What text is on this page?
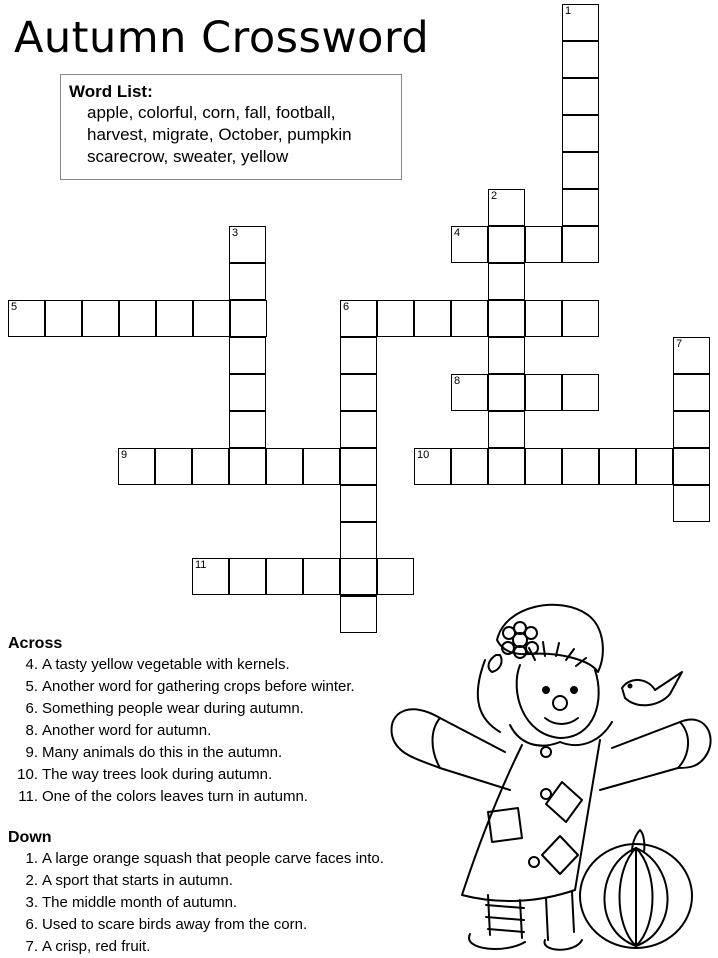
Autumn Crossword
Word List:
apple, colorful, corn, fall, football,
harvest, migrate, October, pumpkin
scarecrow, sweater, yellow
1
2
3
6
7
4
5
8
9	10
11
Across
4. A tasty yellow vegetable with kernels.
5. Another word for gathering crops before winter.
6. Something people wear during autumn.
8. Another word for autumn.
9. Many animals do this in the autumn.
10. The way trees look during autumn.
11. One of the colors leaves turn in autumn.
Down
1. A large orange squash that people carve faces into.
2. A sport that starts in autumn.
3. The middle month of autumn.
6. Used to scare birds away from the corn.
7. A crisp, red fruit.
